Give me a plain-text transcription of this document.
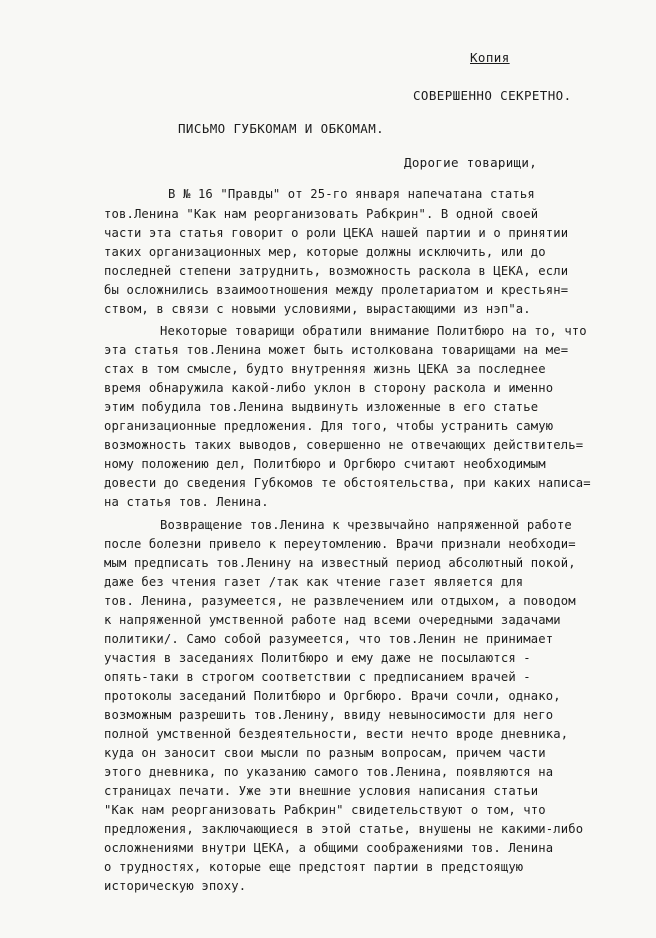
Копия
СОВЕРШЕННО СЕКРЕТНО.
ПИСЬМО ГУБКОМАМ И ОБКОМАМ.
Дорогие товарищи,
В № 16 "Правды" от 25-го января напечатана статья
тов.Ленина "Как нам реорганизовать Рабкрин". В одной своей
части эта статья говорит о роли ЦЕКА нашей партии и о принятии
таких организационных мер, которые должны исключить, или до
последней степени затруднить, возможность раскола в ЦЕКА, если
бы осложнились взаимоотношения между пролетариатом и крестьян=
ством, в связи с новыми условиями, вырастающими из нэп"а.
Некоторые товарищи обратили внимание Политбюро на то, что
эта статья тов.Ленина может быть истолкована товарищами на ме=
стах в том смысле, будто внутренняя жизнь ЦЕКА за последнее
время обнаружила какой-либо уклон в сторону раскола и именно
этим побудила тов.Ленина выдвинуть изложенные в его статье
организационные предложения. Для того, чтобы устранить самую
возможность таких выводов, совершенно не отвечающих действитель=
ному положению дел, Политбюро и Оргбюро считают необходимым
довести до сведения Губкомов те обстоятельства, при каких написа=
на статья тов. Ленина.
Возвращение тов.Ленина к чрезвычайно напряженной работе
после болезни привело к переутомлению. Врачи признали необходи=
мым предписать тов.Ленину на известный период абсолютный покой,
даже без чтения газет /так как чтение газет является для
тов. Ленина, разумеется, не развлечением или отдыхом, а поводом
к напряженной умственной работе над всеми очередными задачами
политики/. Само собой разумеется, что тов.Ленин не принимает
участия в заседаниях Политбюро и ему даже не посылаются -
опять-таки в строгом соответствии с предписанием врачей -
протоколы заседаний Политбюро и Оргбюро. Врачи сочли, однако,
возможным разрешить тов.Ленину, ввиду невыносимости для него
полной умственной бездеятельности, вести нечто вроде дневника,
куда он заносит свои мысли по разным вопросам, причем части
этого дневника, по указанию самого тов.Ленина, появляются на
страницах печати. Уже эти внешние условия написания статьи
"Как нам реорганизовать Рабкрин" свидетельствуют о том, что
предложения, заключающиеся в этой статье, внушены не какими-либо
осложнениями внутри ЦЕКА, а общими соображениями тов. Ленина
о трудностях, которые еще предстоят партии в предстоящую
историческую эпоху.
